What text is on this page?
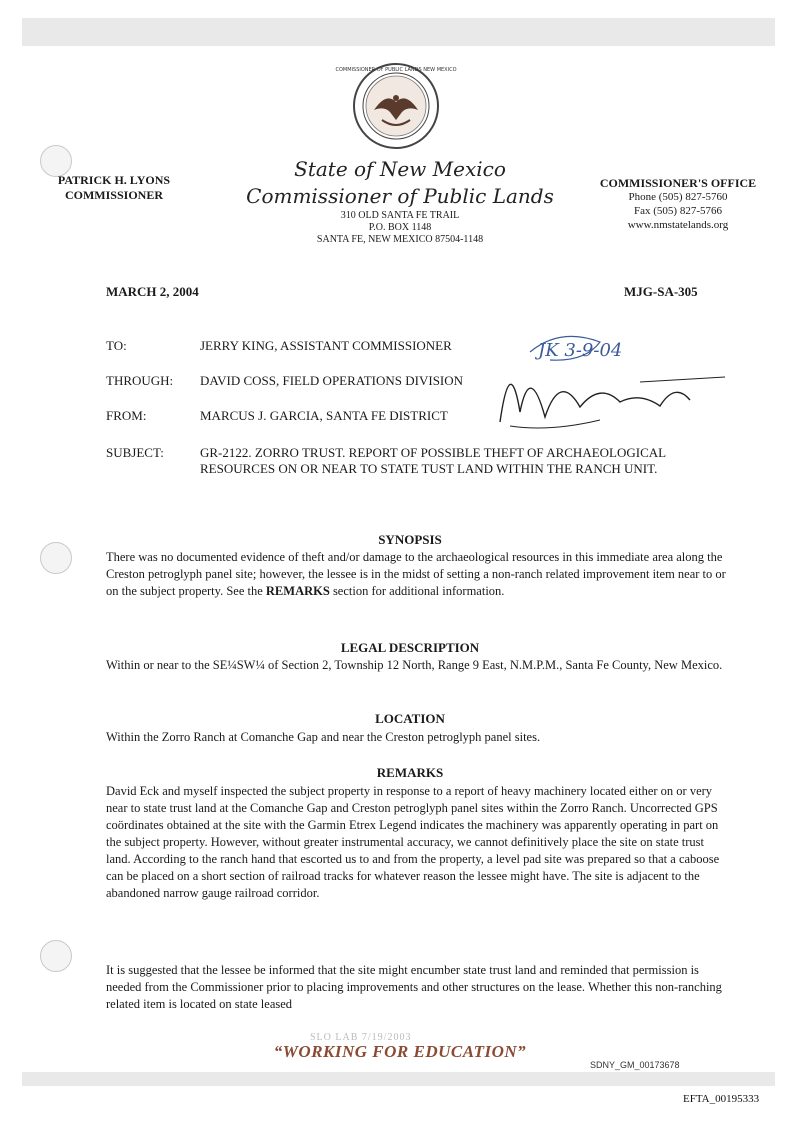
COMMISSIONER OF PUBLIC LANDS NEW MEXICO
PATRICK H. LYONS
COMMISSIONER
State of New Mexico
Commissioner of Public Lands
310 OLD SANTA FE TRAIL
P.O. BOX 1148
SANTA FE, NEW MEXICO 87504-1148
COMMISSIONER'S OFFICE
Phone (505) 827-5760
Fax (505) 827-5766
www.nmstatelands.org
MARCH 2, 2004	MJG-SA-305
TO:	JERRY KING, ASSISTANT COMMISSIONER
THROUGH: DAVID COSS, FIELD OPERATIONS DIVISION
FROM:	MARCUS J. GARCIA, SANTA FE DISTRICT
SUBJECT:	GR-2122. ZORRO TRUST. REPORT OF POSSIBLE THEFT OF ARCHAEOLOGICAL RESOURCES ON OR NEAR TO STATE TUST LAND WITHIN THE RANCH UNIT.
JK 3-9-04
SYNOPSIS
There was no documented evidence of theft and/or damage to the archaeological resources in this immediate area along the Creston petroglyph panel site; however, the lessee is in the midst of setting a non-ranch related improvement item near to or on the subject property. See the REMARKS section for additional information.
LEGAL DESCRIPTION
Within or near to the SE¼SW¼ of Section 2, Township 12 North, Range 9 East, N.M.P.M., Santa Fe County, New Mexico.
LOCATION
Within the Zorro Ranch at Comanche Gap and near the Creston petroglyph panel sites.
REMARKS
David Eck and myself inspected the subject property in response to a report of heavy machinery located either on or very near to state trust land at the Comanche Gap and Creston petroglyph panel sites within the Zorro Ranch. Uncorrected GPS coördinates obtained at the site with the Garmin Etrex Legend indicates the machinery was apparently operating in part on the subject property. However, without greater instrumental accuracy, we cannot definitively place the site on state trust land. According to the ranch hand that escorted us to and from the property, a level pad site was prepared so that a caboose can be placed on a short section of railroad tracks for whatever reason the lessee might have. The site is adjacent to the abandoned narrow gauge railroad corridor.
It is suggested that the lessee be informed that the site might encumber state trust land and reminded that permission is needed from the Commissioner prior to placing improvements and other structures on the lease. Whether this non-ranching related item is located on state leased
SLO LAB 7/19/2003
“WORKING FOR EDUCATION”
SDNY_GM_00173678
EFTA_00195333
